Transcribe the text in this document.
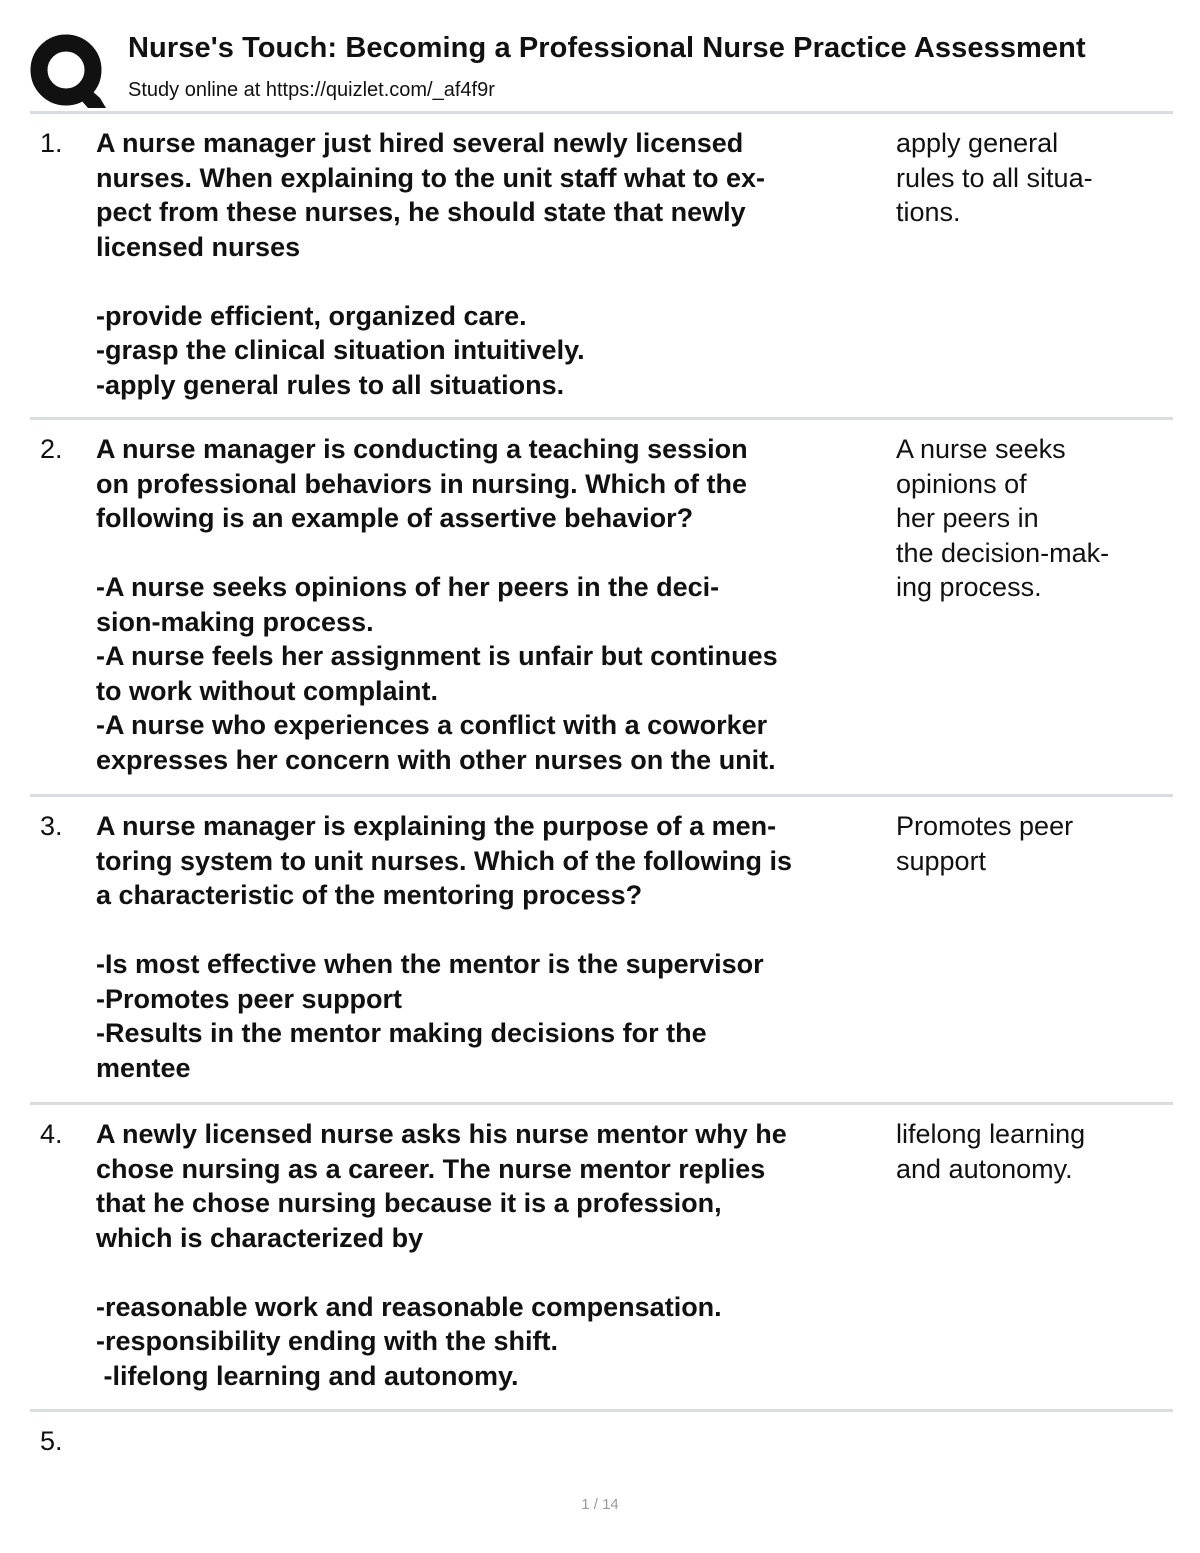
Nurse's Touch: Becoming a Professional Nurse Practice Assessment
Study online at https://quizlet.com/_af4f9r
1. A nurse manager just hired several newly licensed
nurses. When explaining to the unit staff what to ex-
pect from these nurses, he should state that newly
licensed nurses
-provide efficient, organized care.
-grasp the clinical situation intuitively.
-apply general rules to all situations.
apply general
rules to all situa-
tions.
2. A nurse manager is conducting a teaching session
on professional behaviors in nursing. Which of the
following is an example of assertive behavior?
-A nurse seeks opinions of her peers in the deci-
sion-making process.
-A nurse feels her assignment is unfair but continues
to work without complaint.
-A nurse who experiences a conflict with a coworker
expresses her concern with other nurses on the unit.
A nurse seeks
opinions of
her peers in
the decision-mak-
ing process.
3. A nurse manager is explaining the purpose of a men-
toring system to unit nurses. Which of the following is
a characteristic of the mentoring process?
-Is most effective when the mentor is the supervisor
-Promotes peer support
-Results in the mentor making decisions for the
mentee
Promotes peer
support
4. A newly licensed nurse asks his nurse mentor why he
chose nursing as a career. The nurse mentor replies
that he chose nursing because it is a profession,
which is characterized by
-reasonable work and reasonable compensation.
-responsibility ending with the shift.
-lifelong learning and autonomy.
lifelong learning
and autonomy.
5.
1 / 14
